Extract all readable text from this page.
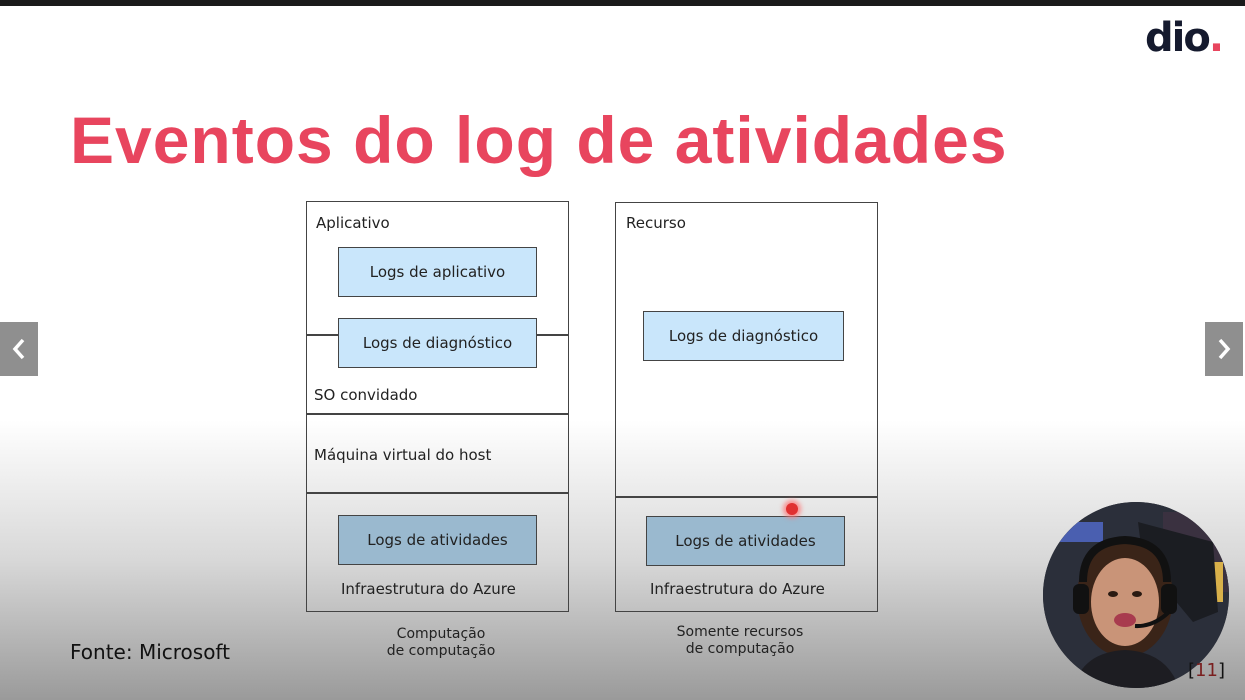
dio.
Eventos do log de atividades
Aplicativo
Logs de aplicativo
Logs de diagnóstico
SO convidado
Máquina virtual do host
Logs de atividades
Infraestrutura do Azure
Computação
de computação
Recurso
Logs de diagnóstico
Logs de atividades
Infraestrutura do Azure
Somente recursos
de computação
Fonte: Microsoft
[11]
